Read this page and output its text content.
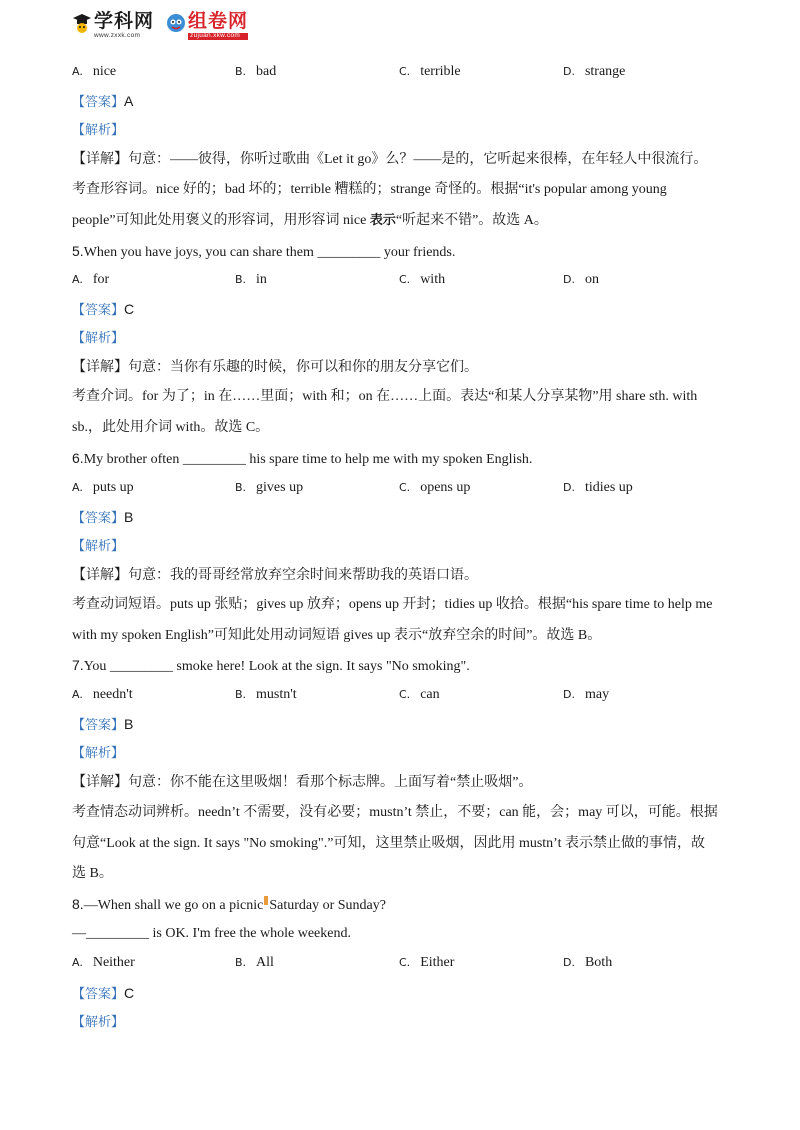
学科网
www.zxxk.com
组卷网
zujuan.xkw.com
A. nice	B. bad	C. terrible	D. strange
【答案】A
【解析】
【详解】句意：——彼得，你听过歌曲《Let it go》么？——是的，它听起来很棒，在年轻人中很流行。
考查形容词。nice 好的；bad 坏的；terrible 糟糕的；strange 奇怪的。根据“it's popular among young
people”可知此处用褒义的形容词，用形容词 nice 表示“听起来不错”。故选 A。
5.When you have joys, you can share them _________ your friends.
A. for	B. in	C. with	D. on
【答案】C
【解析】
【详解】句意：当你有乐趣的时候，你可以和你的朋友分享它们。
考查介词。for 为了；in 在……里面；with 和；on 在……上面。表达“和某人分享某物”用 share sth. with
sb.，此处用介词 with。故选 C。
6.My brother often _________ his spare time to help me with my spoken English.
A. puts up	B. gives up	C. opens up	D. tidies up
【答案】B
【解析】
【详解】句意：我的哥哥经常放弃空余时间来帮助我的英语口语。
考查动词短语。puts up 张贴；gives up 放弃；opens up 开封；tidies up 收拾。根据“his spare time to help me
with my spoken English”可知此处用动词短语 gives up 表示“放弃空余的时间”。故选 B。
7.You _________ smoke here! Look at the sign. It says "No smoking".
A. needn't	B. mustn't	C. can	D. may
【答案】B
【解析】
【详解】句意：你不能在这里吸烟！看那个标志牌。上面写着“禁止吸烟”。
考查情态动词辨析。needn’t 不需要，没有必要；mustn’t 禁止，不要；can 能，会；may 可以，可能。根据
句意“Look at the sign. It says "No smoking".”可知，这里禁止吸烟，因此用 mustn’t 表示禁止做的事情，故
选 B。
8.—When shall we go on a picnic Saturday or Sunday?
—_________ is OK. I'm free the whole weekend.
A. Neither	B. All	C. Either	D. Both
【答案】C
【解析】
